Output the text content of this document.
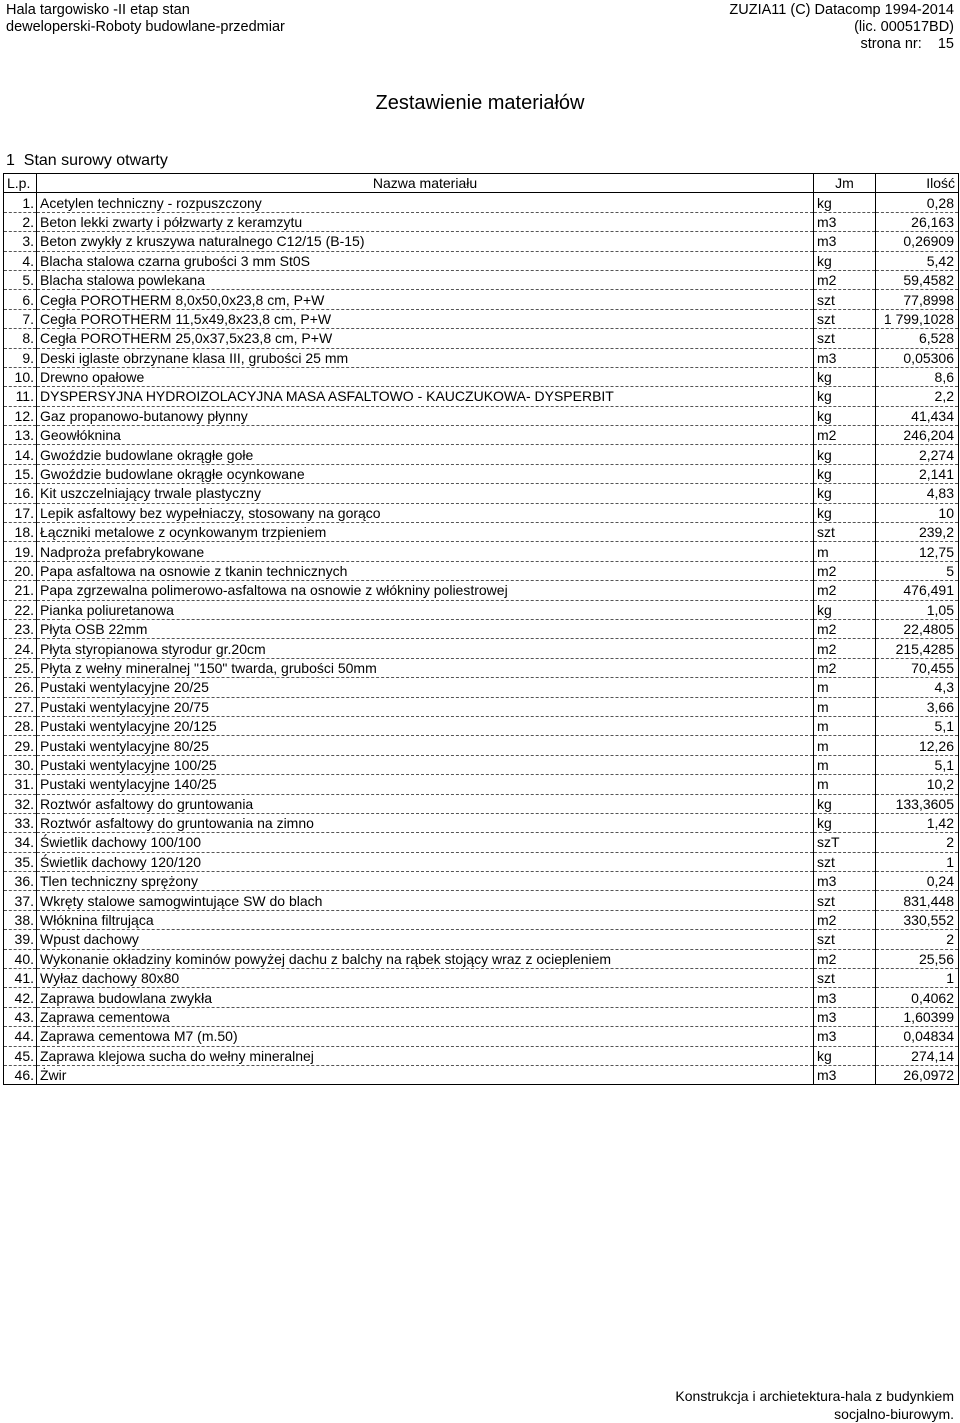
Hala targowisko -II etap stan
deweloperskі-Roboty budowlane-przedmiar
ZUZIA11 (C) Datacomp 1994-2014
(lic. 000517BD)
strona nr:    15
Zestawienie materiałów
1  Stan surowy otwarty
L.p.	Nazwa materiału	Jm	Ilość
1.	Acetylen techniczny - rozpuszczony	kg	0,28
2.	Beton lekki zwarty i półzwarty z keramzytu	m3	26,163
3.	Beton zwykły z kruszywa naturalnego C12/15 (B-15)	m3	0,26909
4.	Blacha stalowa czarna grubości 3 mm St0S	kg	5,42
5.	Blacha stalowa powlekana	m2	59,4582
6.	Cegła POROTHERM 8,0x50,0x23,8 cm, P+W	szt	77,8998
7.	Cegła POROTHERM 11,5x49,8x23,8 cm, P+W	szt	1 799,1028
8.	Cegła POROTHERM 25,0x37,5x23,8 cm, P+W	szt	6,528
9.	Deski iglaste obrzynane klasa III, grubości 25 mm	m3	0,05306
10.	Drewno opałowe	kg	8,6
11.	DYSPERSYJNA HYDROIZOLACYJNA MASA ASFALTOWO - KAUCZUKOWA- DYSPERBIT	kg	2,2
12.	Gaz propanowo-butanowy płynny	kg	41,434
13.	Geowłóknina	m2	246,204
14.	Gwoździe budowlane okrągłe gołe	kg	2,274
15.	Gwoździe budowlane okrągłe ocynkowane	kg	2,141
16.	Kit uszczelniający trwale plastyczny	kg	4,83
17.	Lepik asfaltowy bez wypełniaczy, stosowany na gorąco	kg	10
18.	Łączniki metalowe z ocynkowanym trzpieniem	szt	239,2
19.	Nadproża prefabrykowane	m	12,75
20.	Papa asfaltowa na osnowie z tkanin technicznych	m2	5
21.	Papa zgrzewalna polimerowo-asfaltowa na osnowie z włókniny poliestrowej	m2	476,491
22.	Pianka poliuretanowa	kg	1,05
23.	Płyta OSB 22mm	m2	22,4805
24.	Płyta styropianowa styrodur gr.20cm	m2	215,4285
25.	Płyta z wełny mineralnej "150" twarda, grubości 50mm	m2	70,455
26.	Pustaki wentylacyjne 20/25	m	4,3
27.	Pustaki wentylacyjne 20/75	m	3,66
28.	Pustaki wentylacyjne 20/125	m	5,1
29.	Pustaki wentylacyjne 80/25	m	12,26
30.	Pustaki wentylacyjne 100/25	m	5,1
31.	Pustaki wentylacyjne 140/25	m	10,2
32.	Roztwór asfaltowy do gruntowania	kg	133,3605
33.	Roztwór asfaltowy do gruntowania na zimno	kg	1,42
34.	Świetlik dachowy 100/100	szT	2
35.	Świetlik dachowy 120/120	szt	1
36.	Tlen techniczny sprężony	m3	0,24
37.	Wkręty stalowe samogwintujące SW do blach	szt	831,448
38.	Włóknina filtrująca	m2	330,552
39.	Wpust dachowy	szt	2
40.	Wykonanie okładziny kominów powyżej dachu z balchy na rąbek stojący wraz z ociepleniem	m2	25,56
41.	Wyłaz dachowy 80x80	szt	1
42.	Zaprawa budowlana zwykła	m3	0,4062
43.	Zaprawa cementowa	m3	1,60399
44.	Zaprawa cementowa M7 (m.50)	m3	0,04834
45.	Zaprawa klejowa sucha do wełny mineralnej	kg	274,14
46.	Żwir	m3	26,0972
Konstrukcja i archietektura-hala z budynkiem
socjalno-biurowym.
